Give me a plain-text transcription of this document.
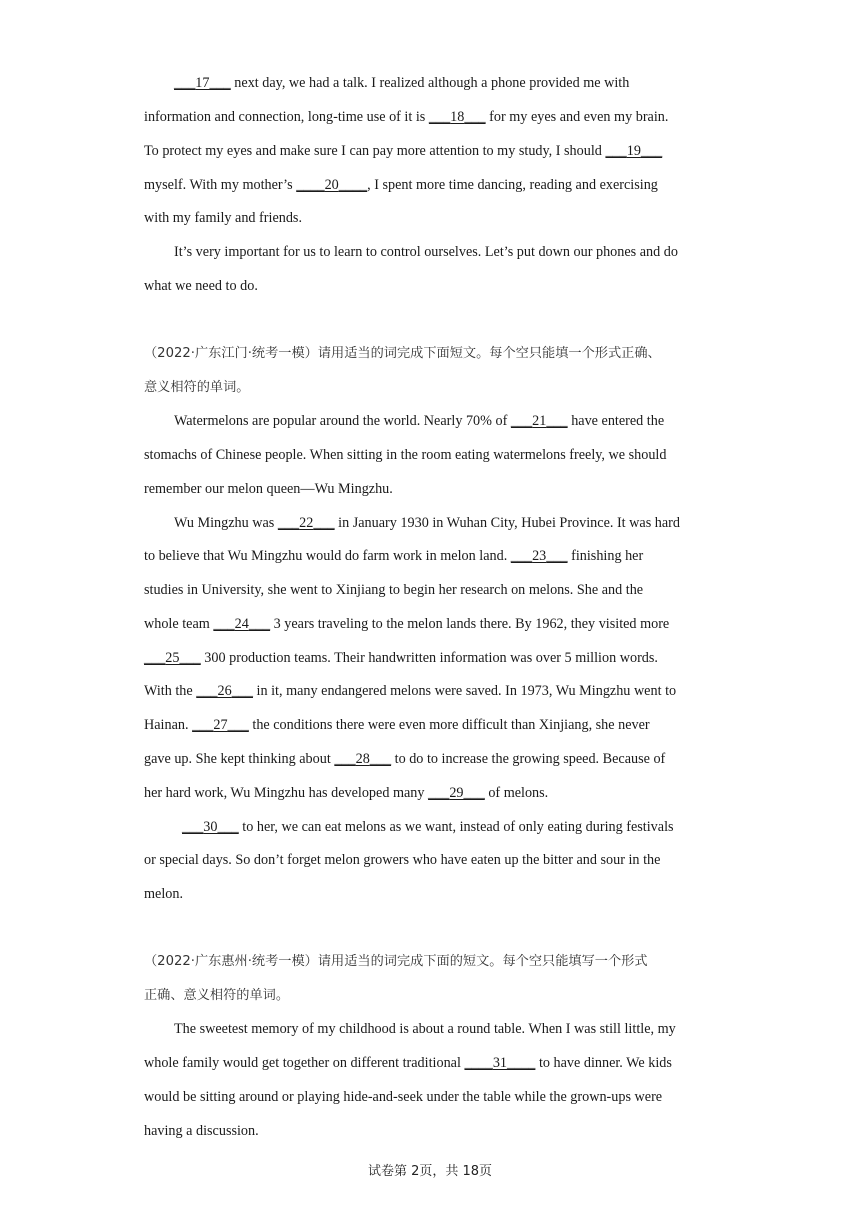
___17___ next day, we had a talk. I realized although a phone provided me with
information and connection, long-time use of it is ___18___ for my eyes and even my brain.
To protect my eyes and make sure I can pay more attention to my study, I should ___19___
myself. With my mother’s ____20____, I spent more time dancing, reading and exercising
with my family and friends.
It’s very important for us to learn to control ourselves. Let’s put down our phones and do
what we need to do.
（2022·广东江门·统考一模）请用适当的词完成下面短文。每个空只能填一个形式正确、
意义相符的单词。
Watermelons are popular around the world. Nearly 70% of ___21___ have entered the
stomachs of Chinese people. When sitting in the room eating watermelons freely, we should
remember our melon queen—Wu Mingzhu.
Wu Mingzhu was ___22___ in January 1930 in Wuhan City, Hubei Province. It was hard
to believe that Wu Mingzhu would do farm work in melon land. ___23___ finishing her
studies in University, she went to Xinjiang to begin her research on melons. She and the
whole team ___24___ 3 years traveling to the melon lands there. By 1962, they visited more
___25___ 300 production teams. Their handwritten information was over 5 million words.
With the ___26___ in it, many endangered melons were saved. In 1973, Wu Mingzhu went to
Hainan. ___27___ the conditions there were even more difficult than Xinjiang, she never
gave up. She kept thinking about ___28___ to do to increase the growing speed. Because of
her hard work, Wu Mingzhu has developed many ___29___ of melons.
___30___ to her, we can eat melons as we want, instead of only eating during festivals
or special days. So don’t forget melon growers who have eaten up the bitter and sour in the
melon.
（2022·广东惠州·统考一模）请用适当的词完成下面的短文。每个空只能填写一个形式
正确、意义相符的单词。
The sweetest memory of my childhood is about a round table. When I was still little, my
whole family would get together on different traditional ____31____ to have dinner. We kids
would be sitting around or playing hide-and-seek under the table while the grown-ups were
having a discussion.
试卷第 2页，共 18页
